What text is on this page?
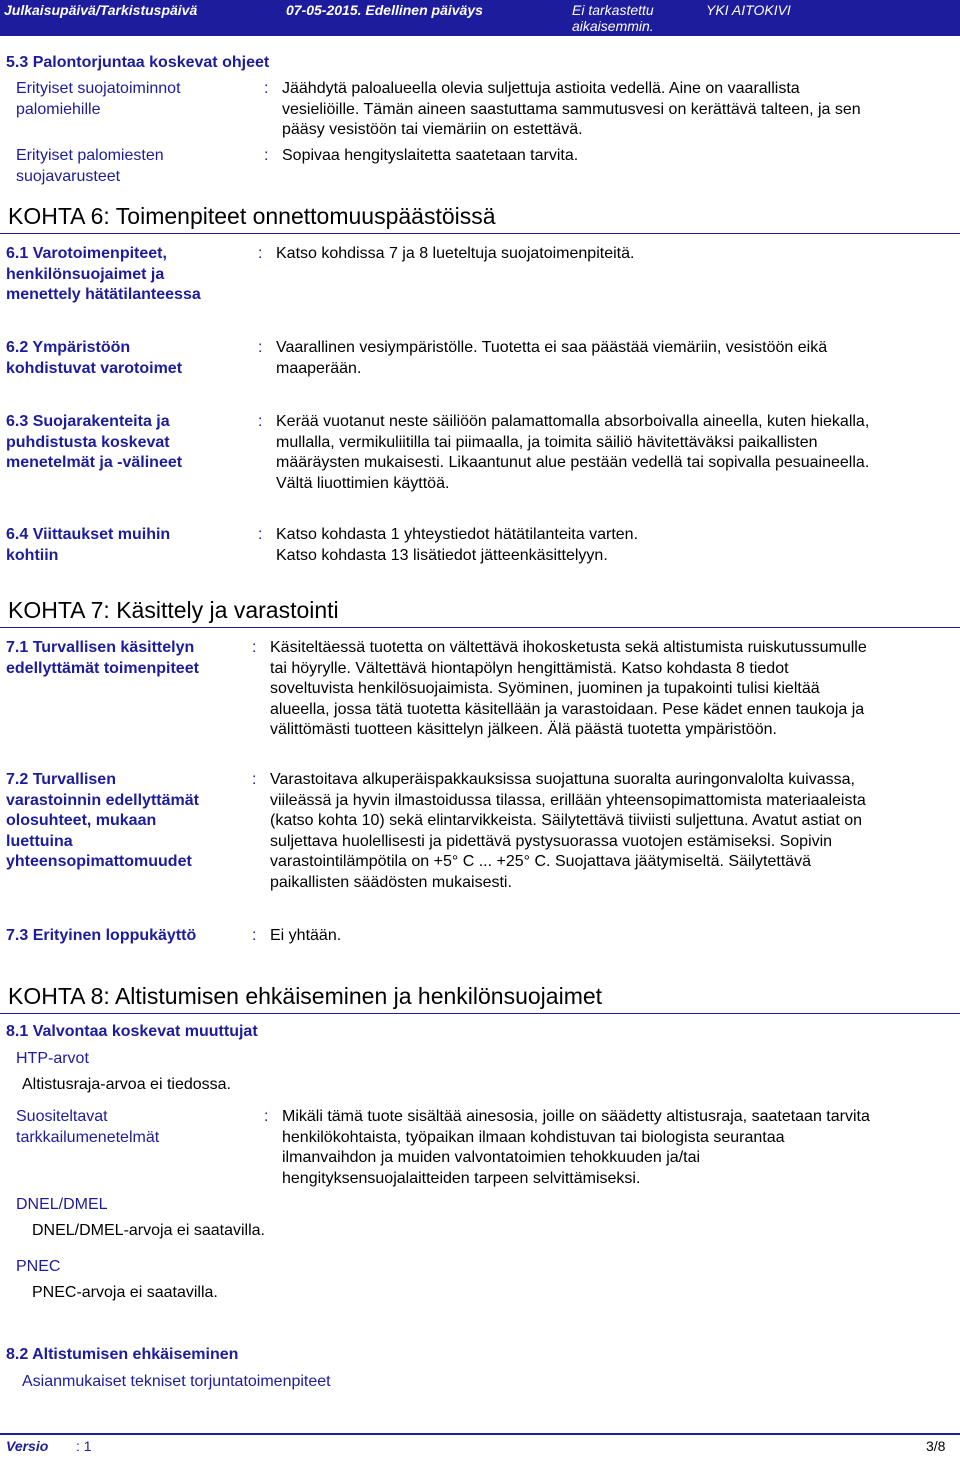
Julkaisupäivä/Tarkistuspäivä	07-05-2015. Edellinen päiväys	Ei tarkastettu
aikaisemmin.
YKI AITOKIVI
5.3 Palontorjuntaa koskevat ohjeet
Erityiset suojatoiminnot
palomiehille
: Jäähdytä paloalueella olevia suljettuja astioita vedellä. Aine on vaarallista
vesieliöille. Tämän aineen saastuttama sammutusvesi on kerättävä talteen, ja sen
pääsy vesistöön tai viemäriin on estettävä.
Erityiset palomiesten
suojavarusteet
: Sopivaa hengityslaitetta saatetaan tarvita.
KOHTA 6: Toimenpiteet onnettomuuspäästöissä
6.1 Varotoimenpiteet,
henkilönsuojaimet ja
menettely hätätilanteessa
: Katso kohdissa 7 ja 8 lueteltuja suojatoimenpiteitä.
6.2 Ympäristöön
kohdistuvat varotoimet
: Vaarallinen vesiympäristölle. Tuotetta ei saa päästää viemäriin, vesistöön eikä
maaperään.
6.3 Suojarakenteita ja
puhdistusta koskevat
menetelmät ja -välineet
: Kerää vuotanut neste säiliöön palamattomalla absorboivalla aineella, kuten hiekalla,
mullalla, vermikuliitilla tai piimaalla, ja toimita säiliö hävitettäväksi paikallisten
määräysten mukaisesti. Likaantunut alue pestään vedellä tai sopivalla pesuaineella.
Vältä liuottimien käyttöä.
6.4 Viittaukset muihin
kohtiin
: Katso kohdasta 1 yhteystiedot hätätilanteita varten.
Katso kohdasta 13 lisätiedot jätteenkäsittelyyn.
KOHTA 7: Käsittely ja varastointi
7.1 Turvallisen käsittelyn
edellyttämät toimenpiteet
: Käsiteltäessä tuotetta on vältettävä ihokosketusta sekä altistumista ruiskutussumulle
tai höyrylle. Vältettävä hiontapölyn hengittämistä. Katso kohdasta 8 tiedot
soveltuvista henkilösuojaimista. Syöminen, juominen ja tupakointi tulisi kieltää
alueella, jossa tätä tuotetta käsitellään ja varastoidaan. Pese kädet ennen taukoja ja
välittömästi tuotteen käsittelyn jälkeen. Älä päästä tuotetta ympäristöön.
7.2 Turvallisen
varastoinnin edellyttämät
olosuhteet, mukaan
luettuina
yhteensopimattomuudet
: Varastoitava alkuperäispakkauksissa suojattuna suoralta auringonvalolta kuivassa,
viileässä ja hyvin ilmastoidussa tilassa, erillään yhteensopimattomista materiaaleista
(katso kohta 10) sekä elintarvikkeista. Säilytettävä tiiviisti suljettuna. Avatut astiat on
suljettava huolellisesti ja pidettävä pystysuorassa vuotojen estämiseksi. Sopivin
varastointilämpötila on +5° C ... +25° C. Suojattava jäätymiseltä. Säilytettävä
paikallisten säädösten mukaisesti.
7.3 Erityinen loppukäyttö	: Ei yhtään.
KOHTA 8: Altistumisen ehkäiseminen ja henkilönsuojaimet
8.1 Valvontaa koskevat muuttujat
HTP-arvot
Altistusraja-arvoa ei tiedossa.
Suositeltavat
tarkkailumenetelmät
: Mikäli tämä tuote sisältää ainesosia, joille on säädetty altistusraja, saatetaan tarvita
henkilökohtaista, työpaikan ilmaan kohdistuvan tai biologista seurantaa
ilmanvaihdon ja muiden valvontatoimien tehokkuuden ja/tai
hengityksensuojalaitteiden tarpeen selvittämiseksi.
DNEL/DMEL
DNEL/DMEL-arvoja ei saatavilla.
PNEC
PNEC-arvoja ei saatavilla.
8.2 Altistumisen ehkäiseminen
Asianmukaiset tekniset torjuntatoimenpiteet
Versio : 1	3/8
